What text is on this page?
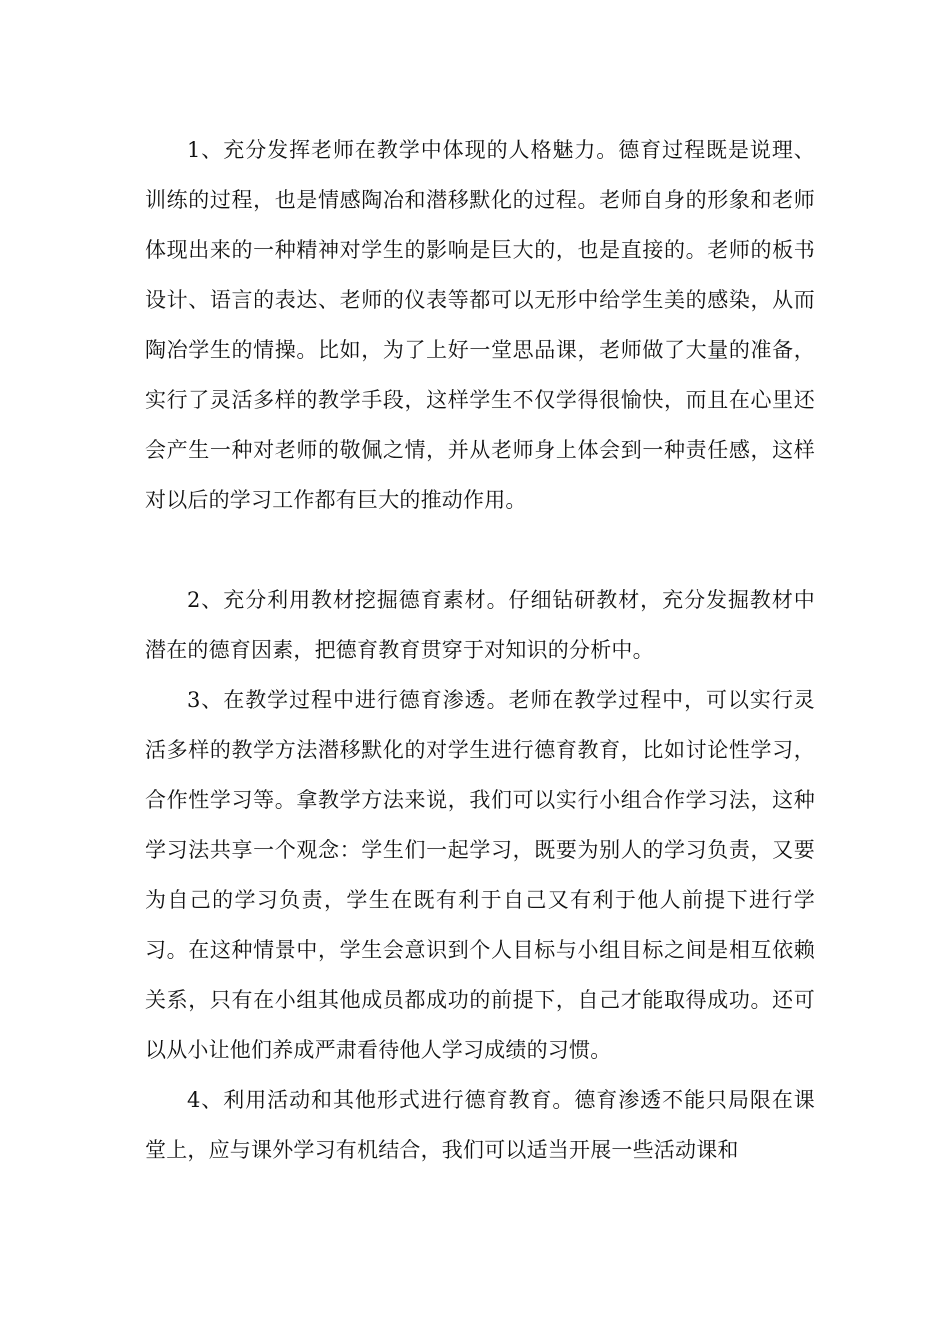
1、充分发挥老师在教学中体现的人格魅力。德育过程既是说理、训练的过程，也是情感陶冶和潜移默化的过程。老师自身的形象和老师体现出来的一种精神对学生的影响是巨大的，也是直接的。老师的板书设计、语言的表达、老师的仪表等都可以无形中给学生美的感染，从而陶冶学生的情操。比如，为了上好一堂思品课，老师做了大量的准备，实行了灵活多样的教学手段，这样学生不仅学得很愉快，而且在心里还会产生一种对老师的敬佩之情，并从老师身上体会到一种责任感，这样对以后的学习工作都有巨大的推动作用。

2、充分利用教材挖掘德育素材。仔细钻研教材，充分发掘教材中潜在的德育因素，把德育教育贯穿于对知识的分析中。

3、在教学过程中进行德育渗透。老师在教学过程中，可以实行灵活多样的教学方法潜移默化的对学生进行德育教育，比如讨论性学习，合作性学习等。拿教学方法来说，我们可以实行小组合作学习法，这种学习法共享一个观念：学生们一起学习，既要为别人的学习负责，又要为自己的学习负责，学生在既有利于自己又有利于他人前提下进行学习。在这种情景中，学生会意识到个人目标与小组目标之间是相互依赖关系，只有在小组其他成员都成功的前提下，自己才能取得成功。还可以从小让他们养成严肃看待他人学习成绩的习惯。

4、利用活动和其他形式进行德育教育。德育渗透不能只局限在课堂上，应与课外学习有机结合，我们可以适当开展一些活动课和
